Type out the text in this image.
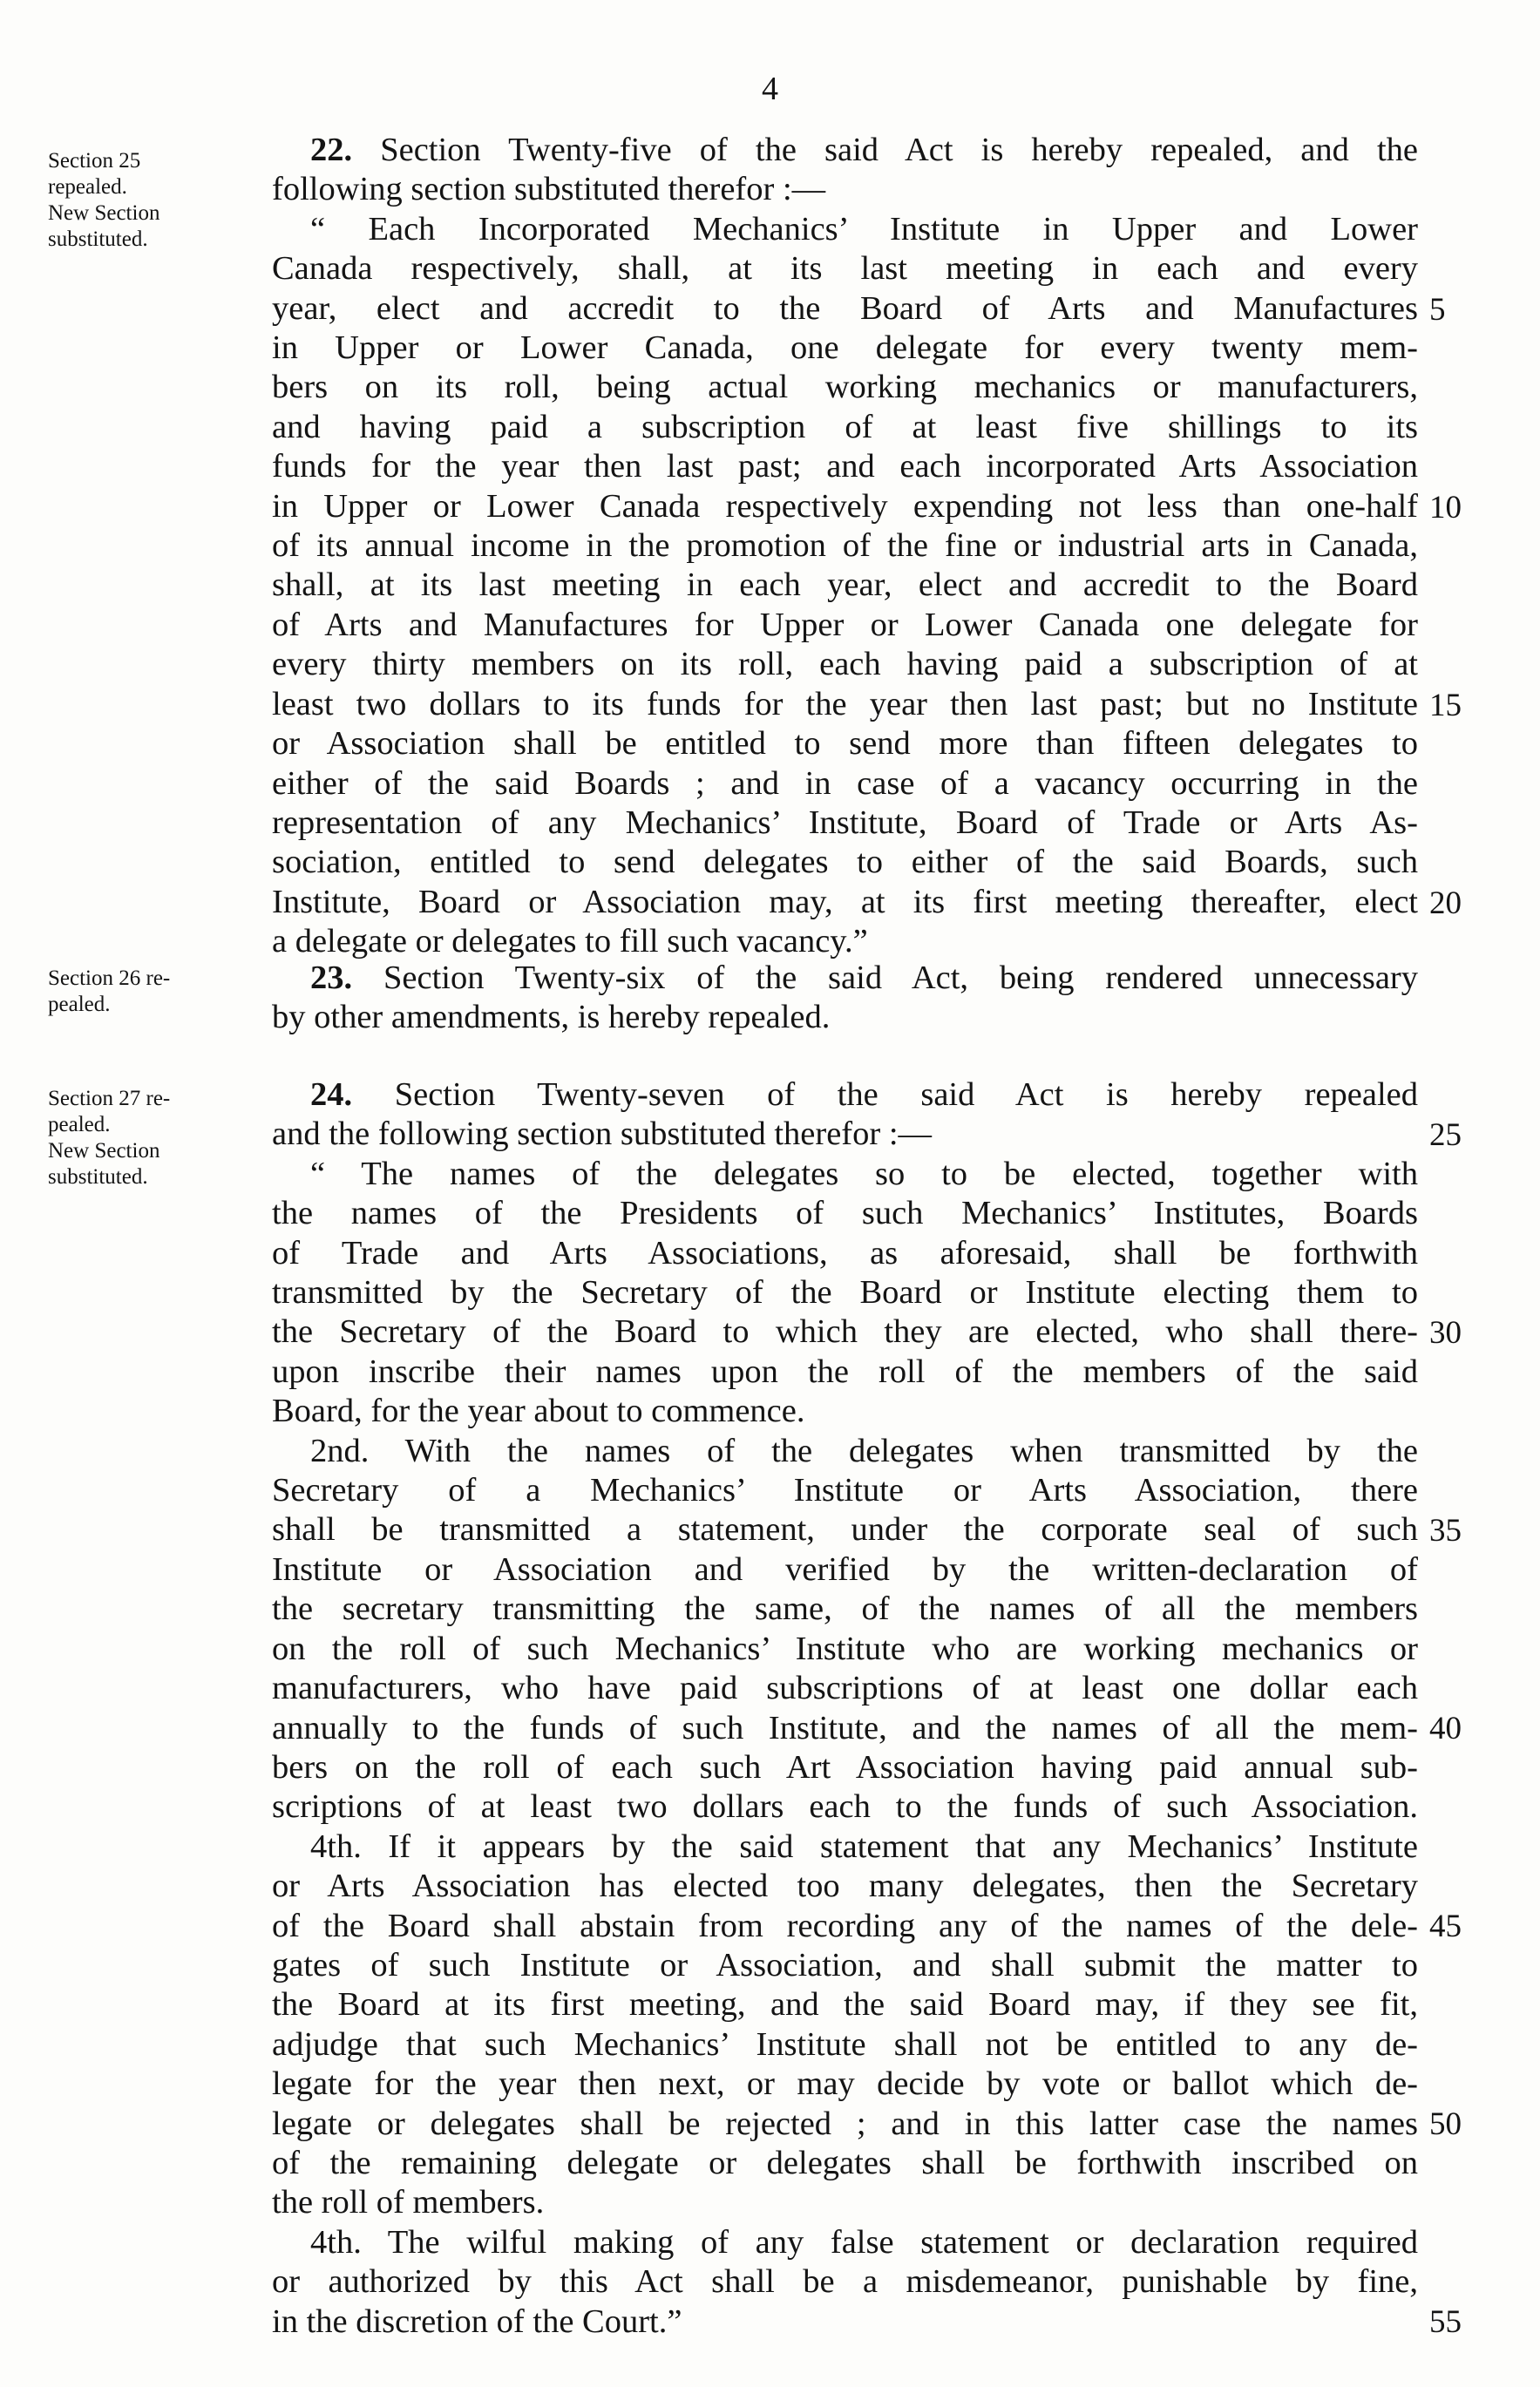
4
Section 25
repealed.
New Section
substituted.
22. Section Twenty-five of the said Act is hereby repealed, and the
following section substituted therefor :—
“ Each Incorporated Mechanics’ Institute in Upper and Lower
Canada respectively, shall, at its last meeting in each and every
year, elect and accredit to the Board of Arts and Manufactures
in Upper or Lower Canada, one delegate for every twenty mem-
bers on its roll, being actual working mechanics or manufacturers,
and having paid a subscription of at least five shillings to its
funds for the year then last past; and each incorporated Arts Association
in Upper or Lower Canada respectively expending not less than one-half
of its annual income in the promotion of the fine or industrial arts in Canada,
shall, at its last meeting in each year, elect and accredit to the Board
of Arts and Manufactures for Upper or Lower Canada one delegate for
every thirty members on its roll, each having paid a subscription of at
least two dollars to its funds for the year then last past; but no Institute
or Association shall be entitled to send more than fifteen delegates to
either of the said Boards ; and in case of a vacancy occurring in the
representation of any Mechanics’ Institute, Board of Trade or Arts As-
sociation, entitled to send delegates to either of the said Boards, such
Institute, Board or Association may, at its first meeting thereafter, elect
a delegate or delegates to fill such vacancy.”
5
10
15
20
Section 26 re-
pealed.
23. Section Twenty-six of the said Act, being rendered unnecessary
by other amendments, is hereby repealed.
Section 27 re-
pealed.
New Section
substituted.
24. Section Twenty-seven of the said Act is hereby repealed
and the following section substituted therefor :—
“ The names of the delegates so to be elected, together with
the names of the Presidents of such Mechanics’ Institutes, Boards
of Trade and Arts Associations, as aforesaid, shall be forthwith
transmitted by the Secretary of the Board or Institute electing them to
the Secretary of the Board to which they are elected, who shall there-
upon inscribe their names upon the roll of the members of the said
Board, for the year about to commence.
2nd. With the names of the delegates when transmitted by the
Secretary of a Mechanics’ Institute or Arts Association, there
shall be transmitted a statement, under the corporate seal of such
Institute or Association and verified by the written-declaration of
the secretary transmitting the same, of the names of all the members
on the roll of such Mechanics’ Institute who are working mechanics or
manufacturers, who have paid subscriptions of at least one dollar each
annually to the funds of such Institute, and the names of all the mem-
bers on the roll of each such Art Association having paid annual sub-
scriptions of at least two dollars each to the funds of such Association.
4th. If it appears by the said statement that any Mechanics’ Institute
or Arts Association has elected too many delegates, then the Secretary
of the Board shall abstain from recording any of the names of the dele-
gates of such Institute or Association, and shall submit the matter to
the Board at its first meeting, and the said Board may, if they see fit,
adjudge that such Mechanics’ Institute shall not be entitled to any de-
legate for the year then next, or may decide by vote or ballot which de-
legate or delegates shall be rejected ; and in this latter case the names
of the remaining delegate or delegates shall be forthwith inscribed on
the roll of members.
4th. The wilful making of any false statement or declaration required
or authorized by this Act shall be a misdemeanor, punishable by fine,
in the discretion of the Court.”
25
30
35
40
45
50
55
